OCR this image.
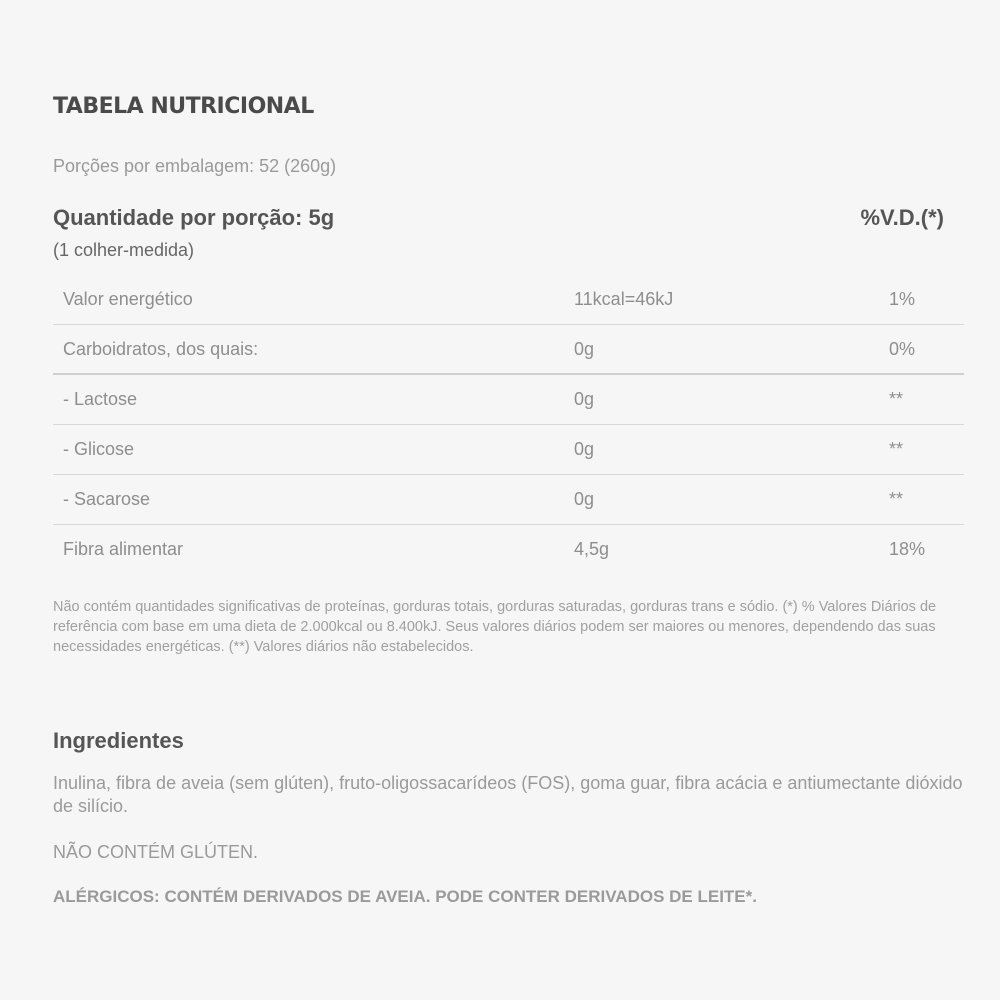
TABELA NUTRICIONAL
Porções por embalagem: 52 (260g)
Quantidade por porção: 5g	%V.D.(*)
(1 colher-medida)
Valor energético	11kcal=46kJ	1%
Carboidratos, dos quais:	0g	0%
- Lactose	0g	**
- Glicose	0g	**
- Sacarose	0g	**
Fibra alimentar	4,5g	18%
Não contém quantidades significativas de proteínas, gorduras totais, gorduras saturadas, gorduras trans e sódio. (*) % Valores Diários de referência com base em uma dieta de 2.000kcal ou 8.400kJ. Seus valores diários podem ser maiores ou menores, dependendo das suas necessidades energéticas. (**) Valores diários não estabelecidos.
Ingredientes
Inulina, fibra de aveia (sem glúten), fruto-oligossacarídeos (FOS), goma guar, fibra acácia e antiumectante dióxido de silício.
NÃO CONTÉM GLÚTEN.
ALÉRGICOS: CONTÉM DERIVADOS DE AVEIA. PODE CONTER DERIVADOS DE LEITE*.
